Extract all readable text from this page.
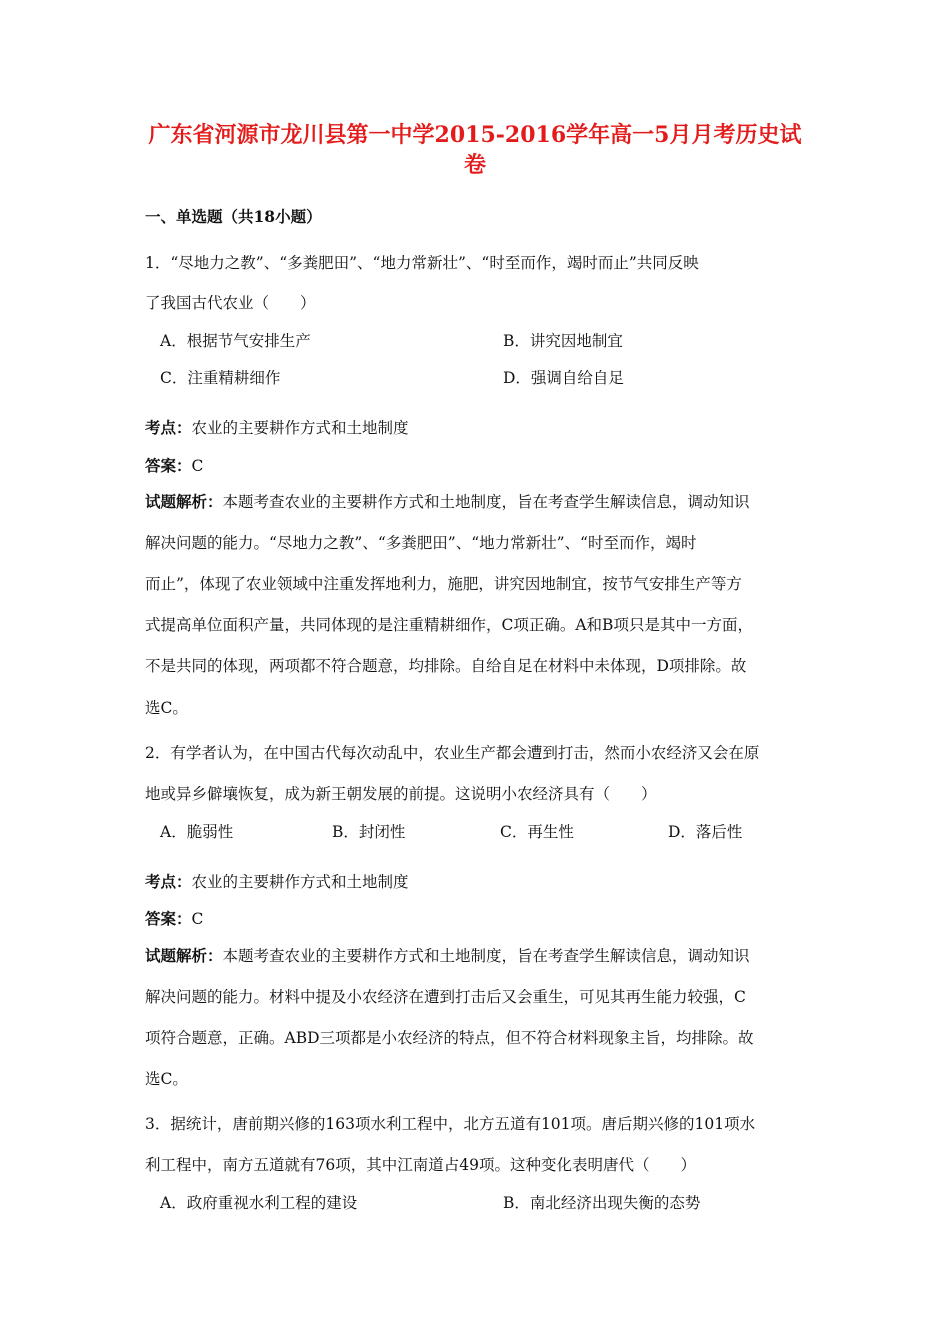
广东省河源市龙川县第一中学2015-2016学年高一5月月考历史试
卷
一、单选题（共18小题）
1．“尽地力之教”、“多粪肥田”、“地力常新壮”、“时至而作，竭时而止”共同反映
了我国古代农业（　　）
A．根据节气安排生产	B．讲究因地制宜
C．注重精耕细作	D．强调自给自足
考点：农业的主要耕作方式和土地制度
答案：C
试题解析：本题考查农业的主要耕作方式和土地制度，旨在考查学生解读信息，调动知识
解决问题的能力。“尽地力之教”、“多粪肥田”、“地力常新壮”、“时至而作，竭时
而止”，体现了农业领域中注重发挥地利力，施肥，讲究因地制宜，按节气安排生产等方
式提高单位面积产量，共同体现的是注重精耕细作，C项正确。A和B项只是其中一方面，
不是共同的体现，两项都不符合题意，均排除。自给自足在材料中未体现，D项排除。故
选C。
2．有学者认为，在中国古代每次动乱中，农业生产都会遭到打击，然而小农经济又会在原
地或异乡僻壤恢复，成为新王朝发展的前提。这说明小农经济具有（　　）
A．脆弱性	B．封闭性	C．再生性	D．落后性
考点：农业的主要耕作方式和土地制度
答案：C
试题解析：本题考查农业的主要耕作方式和土地制度，旨在考查学生解读信息，调动知识
解决问题的能力。材料中提及小农经济在遭到打击后又会重生，可见其再生能力较强，C
项符合题意，正确。ABD三项都是小农经济的特点，但不符合材料现象主旨，均排除。故
选C。
3．据统计，唐前期兴修的163项水利工程中，北方五道有101项。唐后期兴修的101项水
利工程中，南方五道就有76项，其中江南道占49项。这种变化表明唐代（　　）
A．政府重视水利工程的建设	B．南北经济出现失衡的态势
